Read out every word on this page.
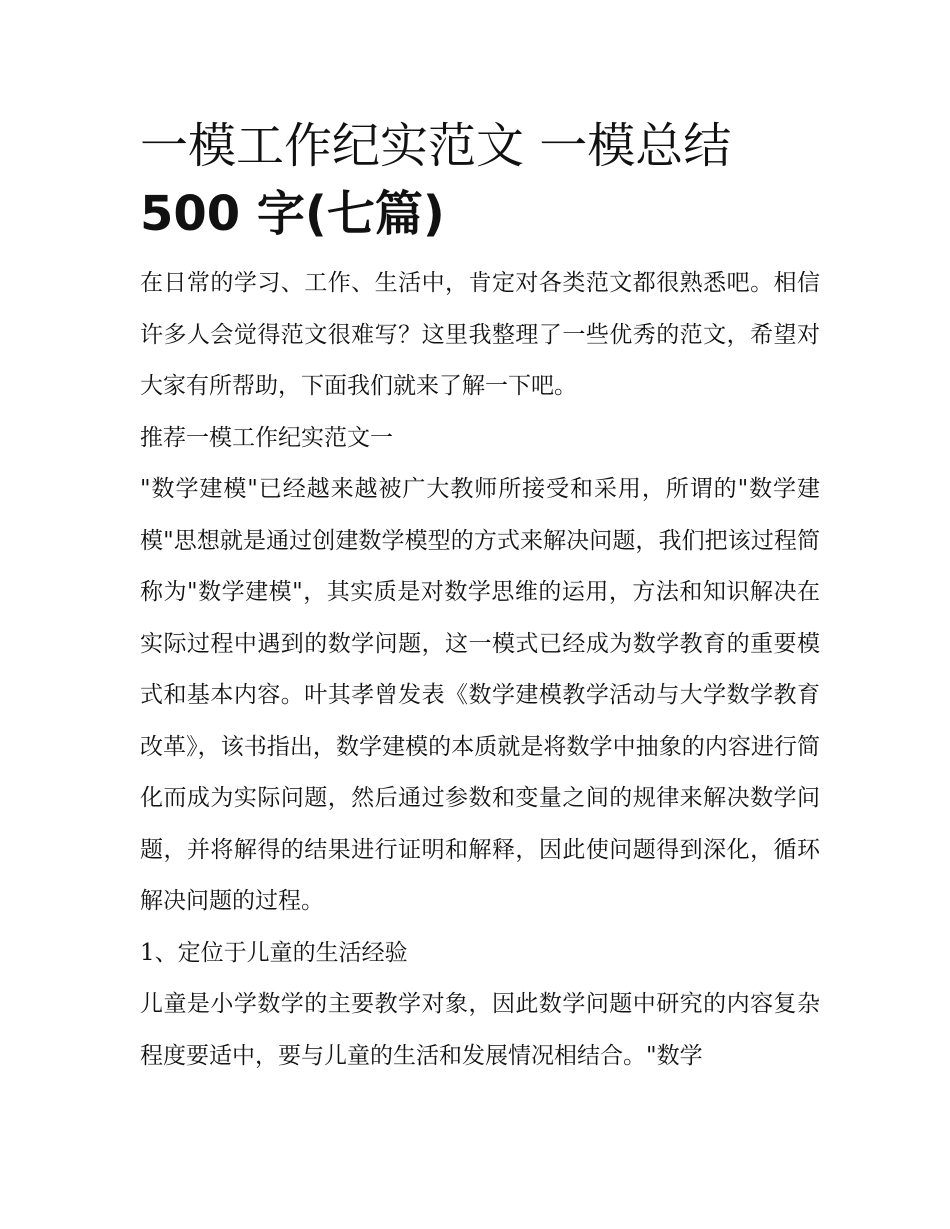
一模工作纪实范文 一模总结
500 字(七篇)

在日常的学习、工作、生活中，肯定对各类范文都很熟悉吧。相信许多人会觉得范文很难写？这里我整理了一些优秀的范文，希望对大家有所帮助，下面我们就来了解一下吧。

推荐一模工作纪实范文一

"数学建模"已经越来越被广大教师所接受和采用，所谓的"数学建模"思想就是通过创建数学模型的方式来解决问题，我们把该过程简称为"数学建模"，其实质是对数学思维的运用，方法和知识解决在实际过程中遇到的数学问题，这一模式已经成为数学教育的重要模式和基本内容。叶其孝曾发表《数学建模教学活动与大学数学教育改革》，该书指出，数学建模的本质就是将数学中抽象的内容进行简化而成为实际问题，然后通过参数和变量之间的规律来解决数学问题，并将解得的结果进行证明和解释，因此使问题得到深化，循环解决问题的过程。

1、定位于儿童的生活经验

儿童是小学数学的主要教学对象，因此数学问题中研究的内容复杂程度要适中，要与儿童的生活和发展情况相结合。"数学
